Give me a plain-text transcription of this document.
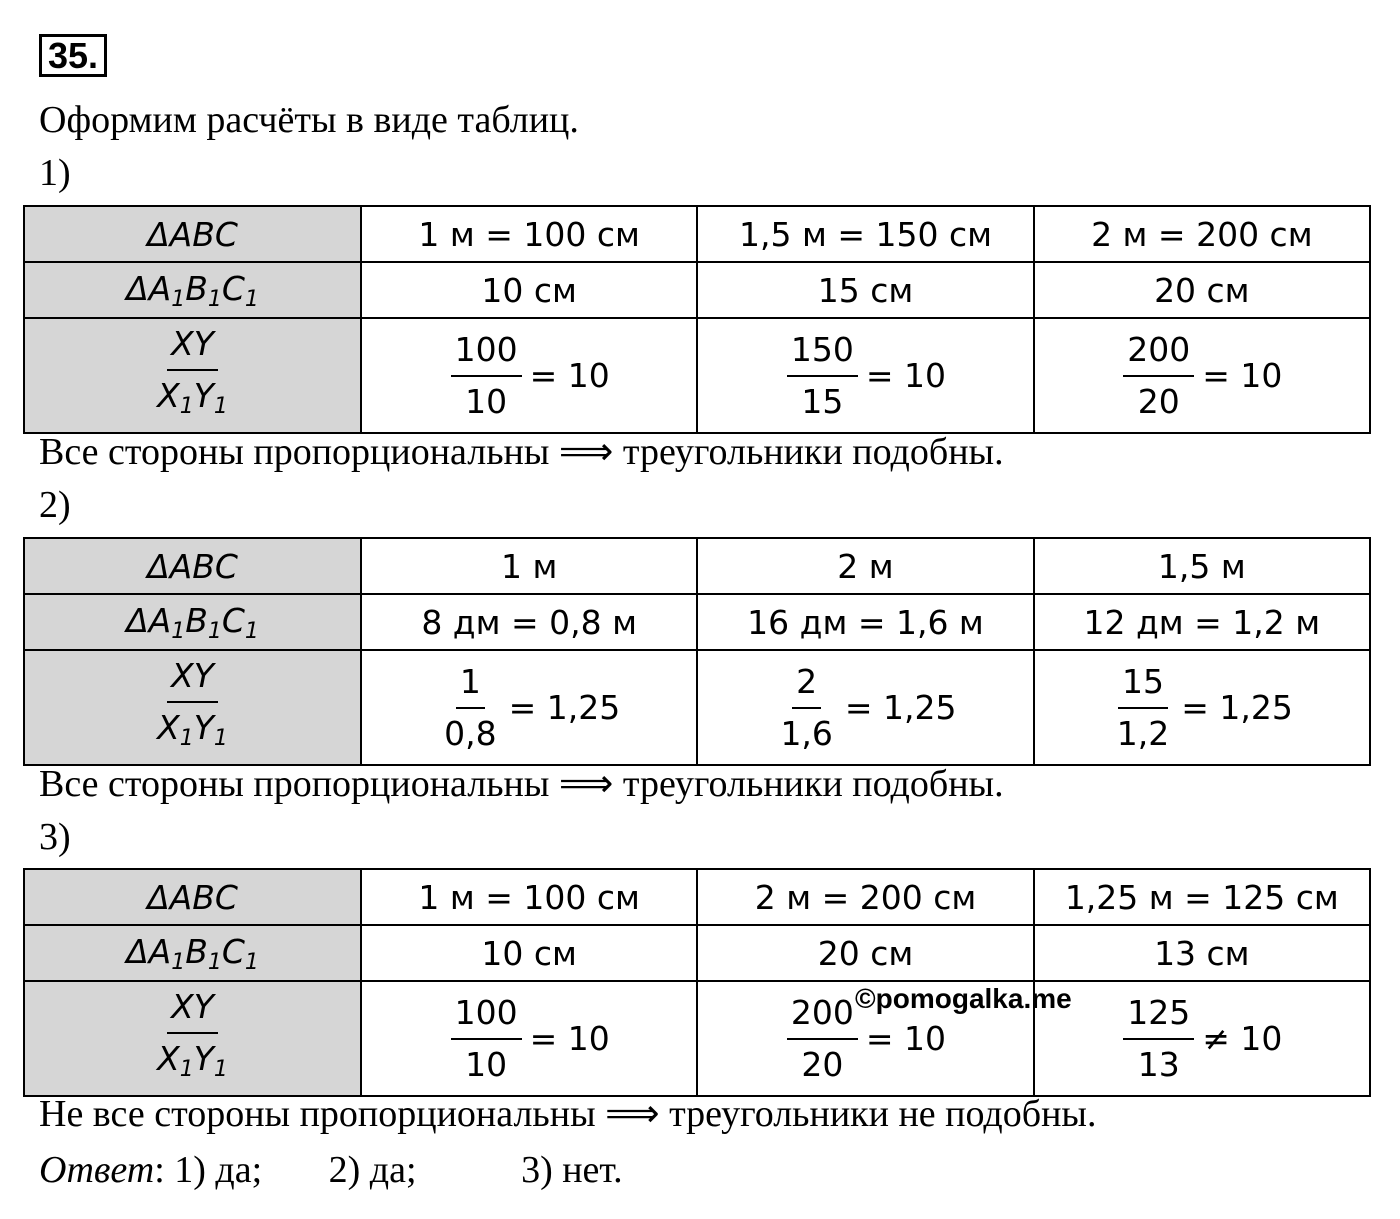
35.
Оформим расчёты в виде таблиц.
1)
ΔABC	1 м = 100 см	1,5 м = 150 см	2 м = 200 см
$\Delta A_1B_1C_1$	10 см	15 см	20 см

$\frac{XY}{X_1Y_1}$	$\frac{100}{10} = 10$	$\frac{150}{15} = 10$	$\frac{200}{20} = 10$
Все стороны пропорциональны ⟹ треугольники подобны.
2)
ΔABC	1 м	2 м	1,5 м
$\Delta A_1B_1C_1$	8 дм = 0,8 м	16 дм = 1,6 м	12 дм = 1,2 м

$\frac{XY}{X_1Y_1}$	$\frac{1}{0,8} = 1,25$	$\frac{2}{1,6} = 1,25$	$\frac{15}{1,2} = 1,25$
Все стороны пропорциональны ⟹ треугольники подобны.
3)
ΔABC	1 м = 100 см	2 м = 200 см	1,25 м = 125 см
$\Delta A_1B_1C_1$	10 см	20 см	13 см

$\frac{XY}{X_1Y_1}$	$\frac{100}{10} = 10$	$\frac{200}{20} = 10$	$\frac{125}{13} \ne 10$
©pomogalka.me
Не все стороны пропорциональны ⟹ треугольники не подобны.
Ответ: 1) да;       2) да;           3) нет.
